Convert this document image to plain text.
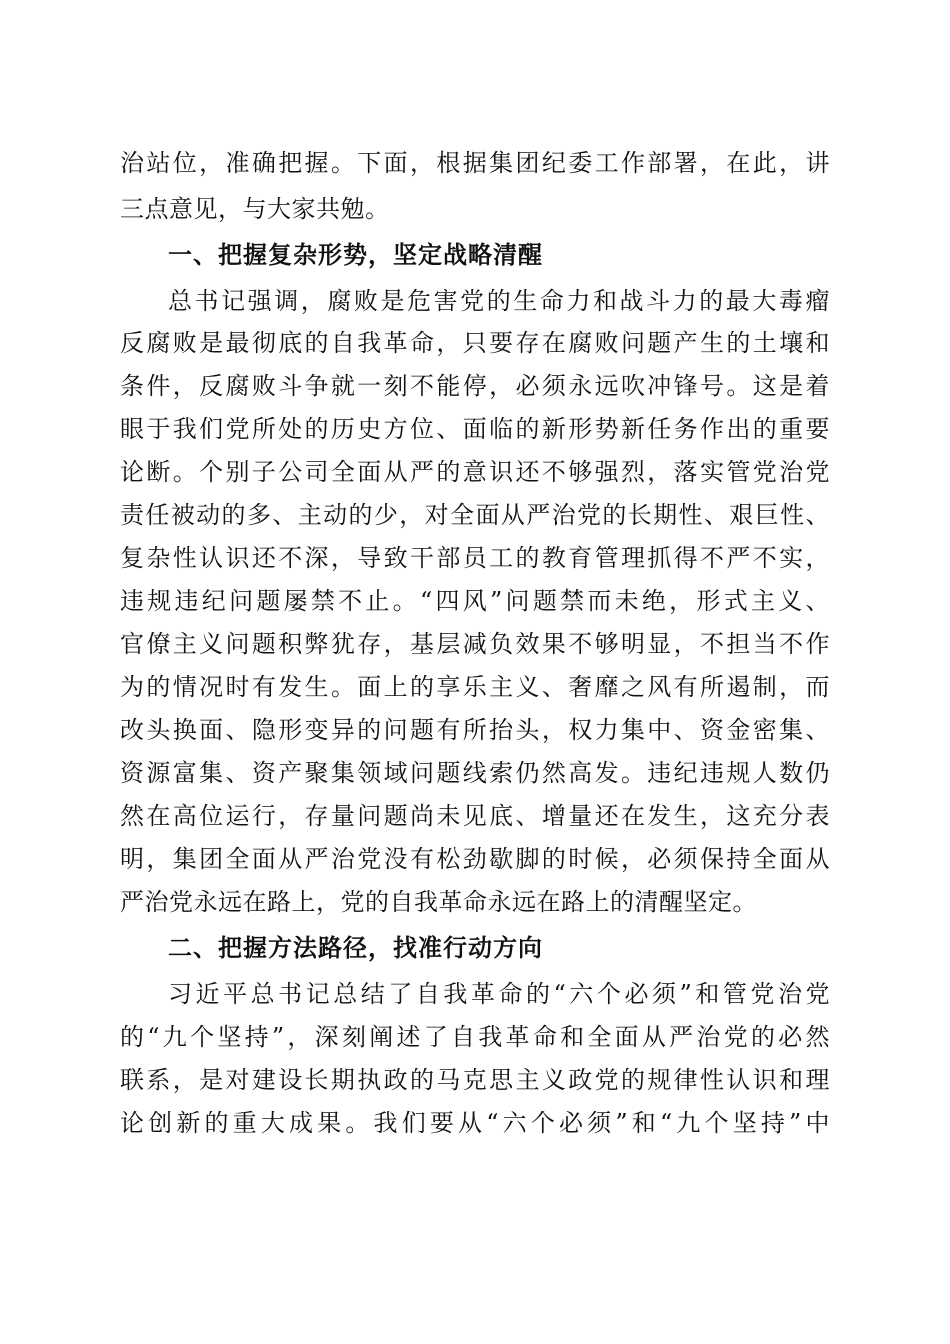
治站位，准确把握。下面，根据集团纪委工作部署，在此，讲
三点意见，与大家共勉。
一、把握复杂形势，坚定战略清醒
总书记强调，腐败是危害党的生命力和战斗力的最大毒瘤
反腐败是最彻底的自我革命，只要存在腐败问题产生的土壤和
条件，反腐败斗争就一刻不能停，必须永远吹冲锋号。这是着
眼于我们党所处的历史方位、面临的新形势新任务作出的重要
论断。个别子公司全面从严的意识还不够强烈，落实管党治党
责任被动的多、主动的少，对全面从严治党的长期性、艰巨性、
复杂性认识还不深，导致干部员工的教育管理抓得不严不实，
违规违纪问题屡禁不止。“四风”问题禁而未绝，形式主义、
官僚主义问题积弊犹存，基层减负效果不够明显，不担当不作
为的情况时有发生。面上的享乐主义、奢靡之风有所遏制，而
改头换面、隐形变异的问题有所抬头，权力集中、资金密集、
资源富集、资产聚集领域问题线索仍然高发。违纪违规人数仍
然在高位运行，存量问题尚未见底、增量还在发生，这充分表
明，集团全面从严治党没有松劲歇脚的时候，必须保持全面从
严治党永远在路上，党的自我革命永远在路上的清醒坚定。
二、把握方法路径，找准行动方向
习近平总书记总结了自我革命的“六个必须”和管党治党
的“九个坚持”，深刻阐述了自我革命和全面从严治党的必然
联系，是对建设长期执政的马克思主义政党的规律性认识和理
论创新的重大成果。我们要从“六个必须”和“九个坚持”中
